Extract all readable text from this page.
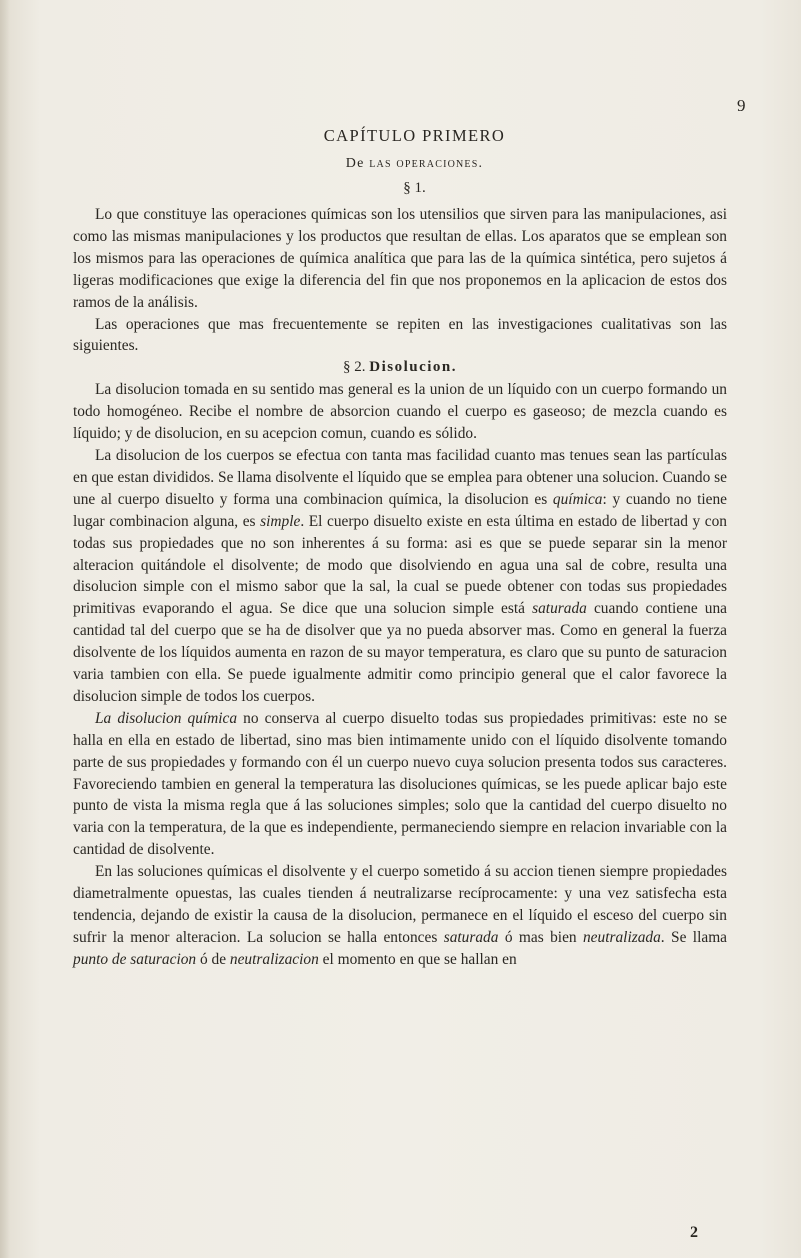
9
CAPÍTULO PRIMERO
De las operaciones.
§ 1.

Lo que constituye las operaciones químicas son los utensilios que sirven para las manipulaciones, asi como las mismas manipulaciones y los productos que resultan de ellas. Los aparatos que se emplean son los mismos para las operaciones de química analítica que para las de la química sintética, pero sujetos á ligeras modificaciones que exige la diferencia del fin que nos proponemos en la aplicacion de estos dos ramos de la análisis.

Las operaciones que mas frecuentemente se repiten en las investigaciones cualitativas son las siguientes.

§ 2. Disolucion.

La disolucion tomada en su sentido mas general es la union de un líquido con un cuerpo formando un todo homogéneo. Recibe el nombre de absorcion cuando el cuerpo es gaseoso; de mezcla cuando es líquido; y de disolucion, en su acepcion comun, cuando es sólido.

La disolucion de los cuerpos se efectua con tanta mas facilidad cuanto mas tenues sean las partículas en que estan divididos. Se llama disolvente el líquido que se emplea para obtener una solucion. Cuando se une al cuerpo disuelto y forma una combinacion química, la disolucion es química: y cuando no tiene lugar combinacion alguna, es simple. El cuerpo disuelto existe en esta última en estado de libertad y con todas sus propiedades que no son inherentes á su forma: asi es que se puede separar sin la menor alteracion quitándole el disolvente; de modo que disolviendo en agua una sal de cobre, resulta una disolucion simple con el mismo sabor que la sal, la cual se puede obtener con todas sus propiedades primitivas evaporando el agua. Se dice que una solucion simple está saturada cuando contiene una cantidad tal del cuerpo que se ha de disolver que ya no pueda absorver mas. Como en general la fuerza disolvente de los líquidos aumenta en razon de su mayor temperatura, es claro que su punto de saturacion varia tambien con ella. Se puede igualmente admitir como principio general que el calor favorece la disolucion simple de todos los cuerpos.

La disolucion química no conserva al cuerpo disuelto todas sus propiedades primitivas: este no se halla en ella en estado de libertad, sino mas bien intimamente unido con el líquido disolvente tomando parte de sus propiedades y formando con él un cuerpo nuevo cuya solucion presenta todos sus caracteres. Favoreciendo tambien en general la temperatura las disoluciones químicas, se les puede aplicar bajo este punto de vista la misma regla que á las soluciones simples; solo que la cantidad del cuerpo disuelto no varia con la temperatura, de la que es independiente, permaneciendo siempre en relacion invariable con la cantidad de disolvente.

En las soluciones químicas el disolvente y el cuerpo sometido á su accion tienen siempre propiedades diametralmente opuestas, las cuales tienden á neutralizarse recíprocamente: y una vez satisfecha esta tendencia, dejando de existir la causa de la disolucion, permanece en el líquido el esceso del cuerpo sin sufrir la menor alteracion. La solucion se halla entonces saturada ó mas bien neutralizada. Se llama punto de saturacion ó de neutralizacion el momento en que se hallan en

2
